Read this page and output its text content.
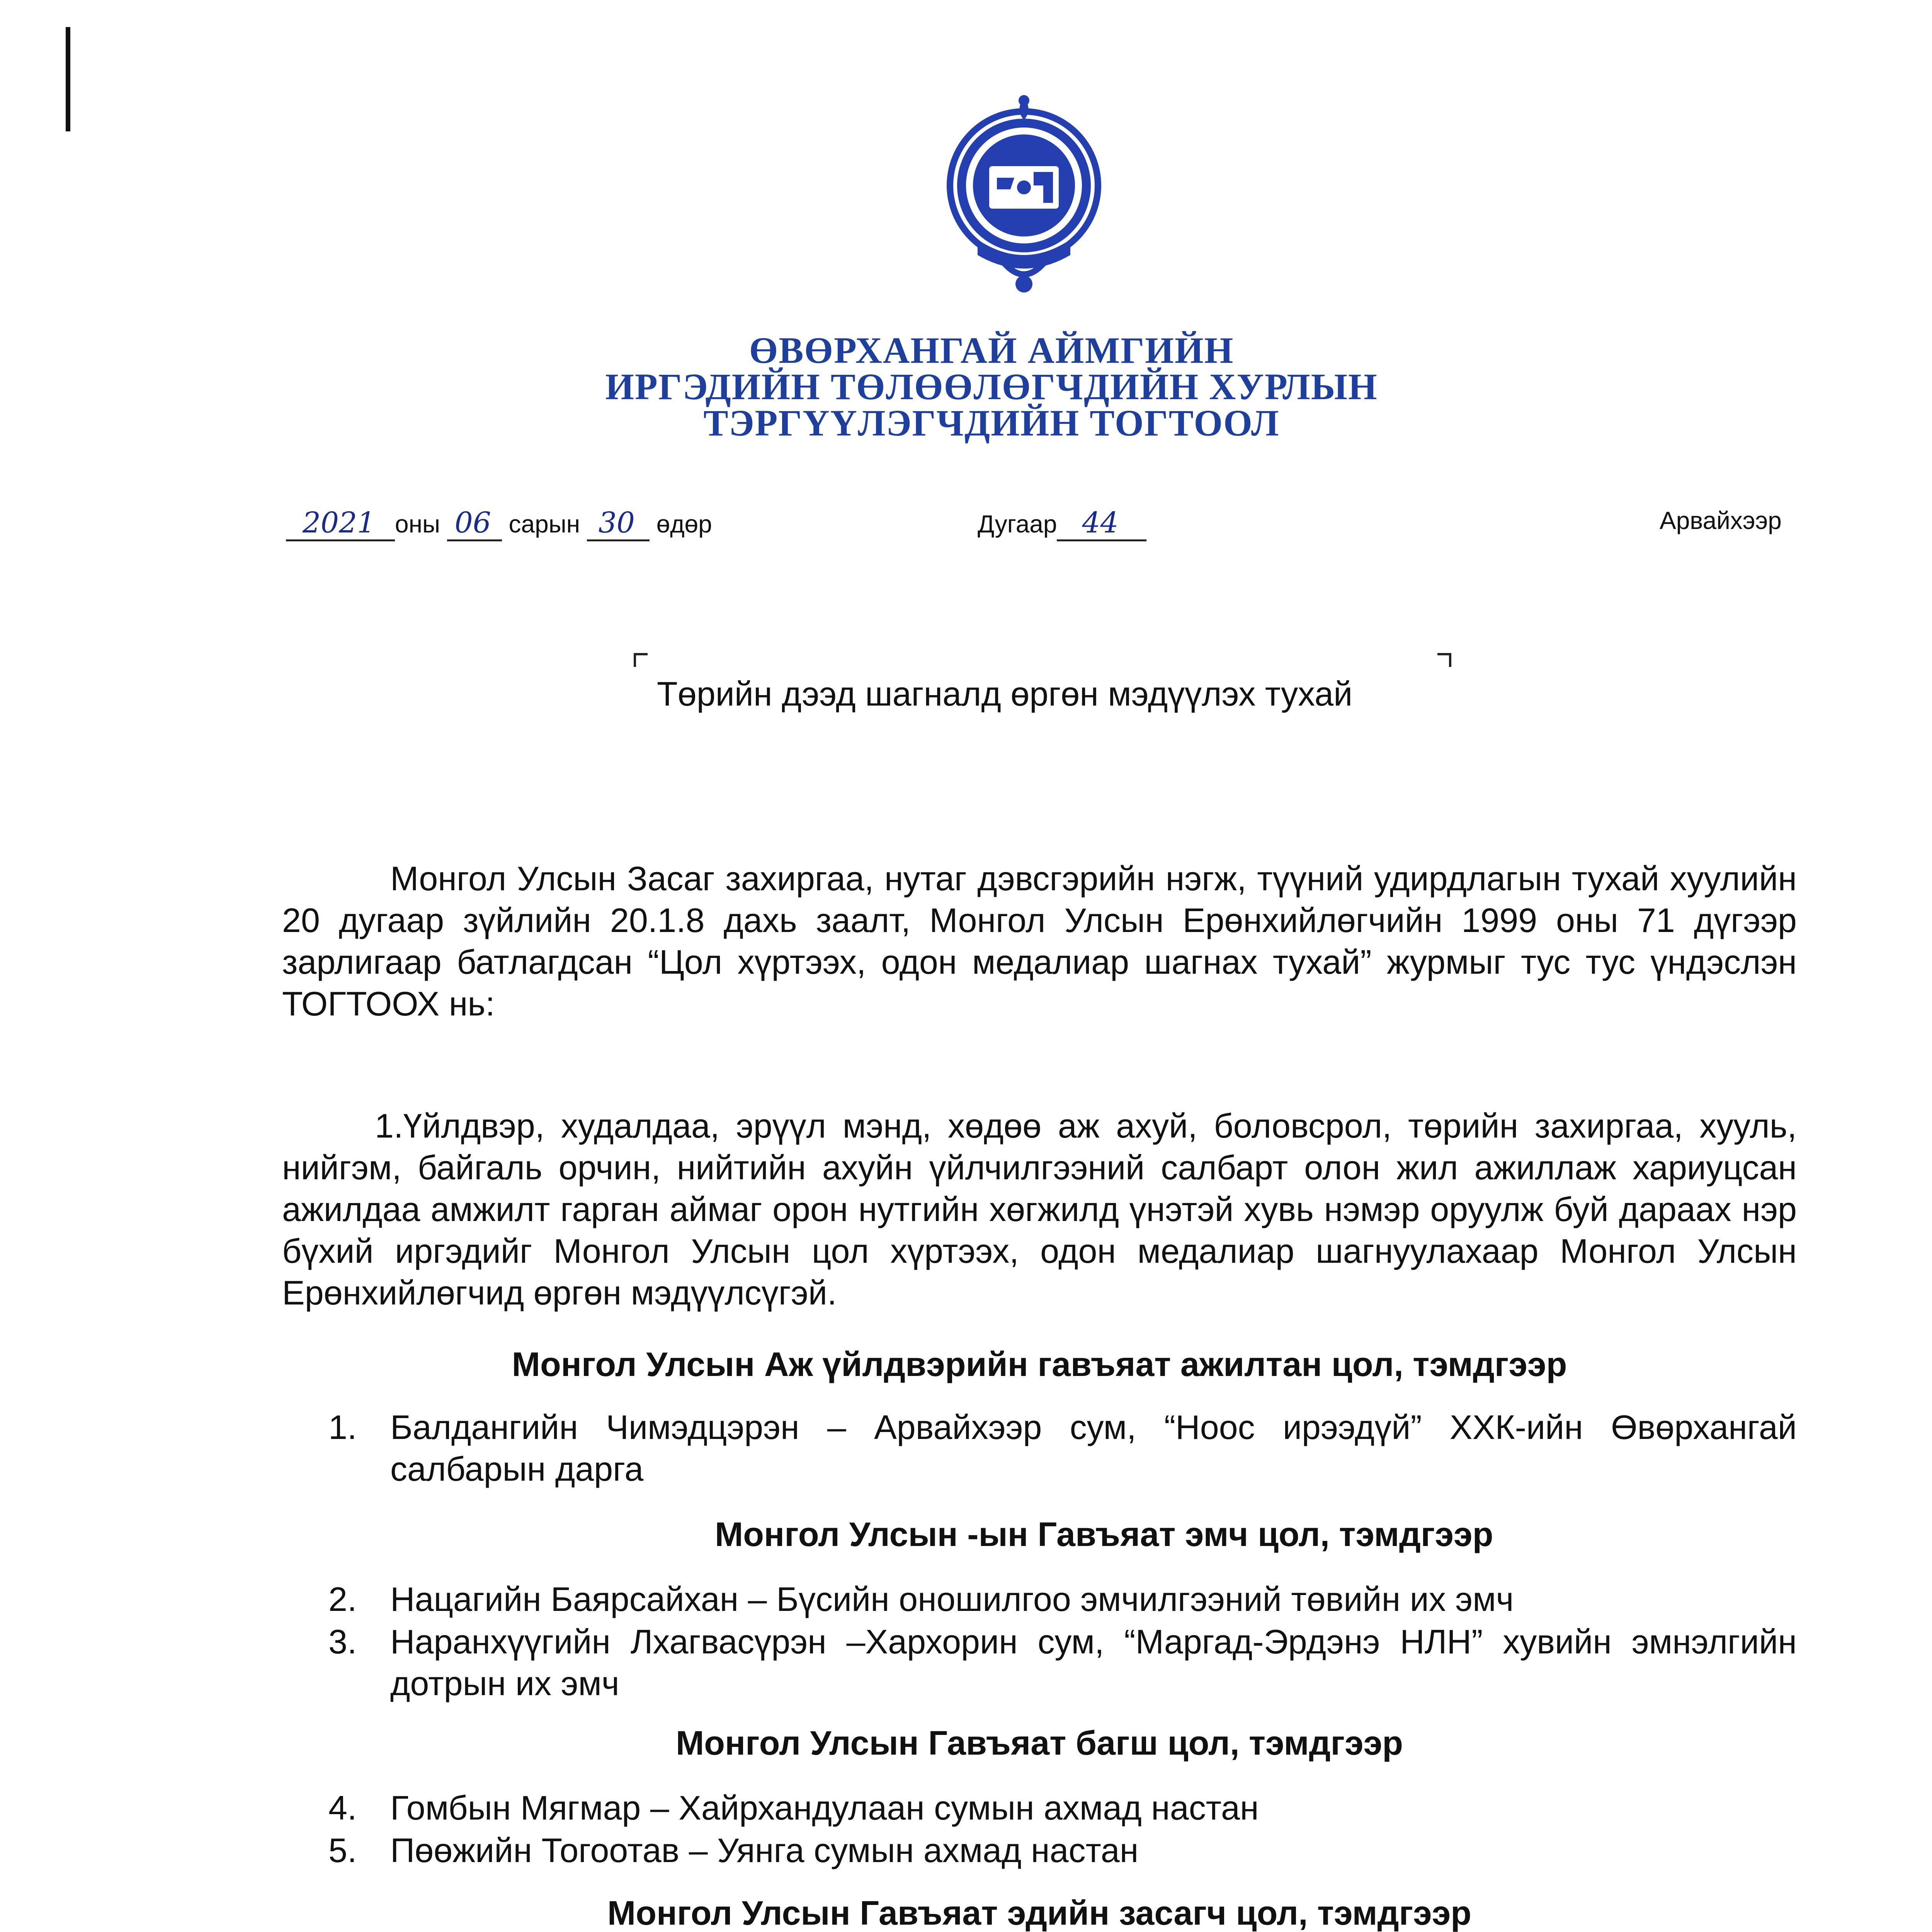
ӨВӨРХАНГАЙ АЙМГИЙН
ИРГЭДИЙН ТӨЛӨӨЛӨГЧДИЙН ХУРЛЫН
ТЭРГҮҮЛЭГЧДИЙН ТОГТООЛ
2021 оны 06 сарын 30 өдөр	Дугаар 44	Арвайхээр
Төрийн дээд шагналд өргөн мэдүүлэх тухай
Монгол Улсын Засаг захиргаа, нутаг дэвсгэрийн нэгж, түүний удирдлагын тухай хуулийн 20 дугаар зүйлийн 20.1.8 дахь заалт, Монгол Улсын Ерөнхийлөгчийн 1999 оны 71 дүгээр зарлигаар батлагдсан “Цол хүртээх, одон медалиар шагнах тухай” журмыг тус тус үндэслэн ТОГТООХ нь:
1.Үйлдвэр, худалдаа, эрүүл мэнд, хөдөө аж ахуй, боловсрол, төрийн захиргаа, хууль, нийгэм, байгаль орчин, нийтийн ахуйн үйлчилгээний салбарт олон жил ажиллаж хариуцсан ажилдаа амжилт гарган аймаг орон нутгийн хөгжилд үнэтэй хувь нэмэр оруулж буй дараах нэр бүхий иргэдийг Монгол Улсын цол хүртээх, одон медалиар шагнуулахаар Монгол Улсын Ерөнхийлөгчид өргөн мэдүүлсүгэй.
Монгол Улсын Аж үйлдвэрийн гавъяат ажилтан цол, тэмдгээр
1. Балдангийн Чимэдцэрэн – Арвайхээр сум, “Ноос ирээдүй” ХХК-ийн Өвөрхангай салбарын дарга
Монгол Улсын -ын Гавъяат эмч цол, тэмдгээр
2. Нацагийн Баярсайхан – Бүсийн оношилгоо эмчилгээний төвийн их эмч
3. Наранхүүгийн Лхагвасүрэн –Хархорин сум, “Маргад-Эрдэнэ НЛН” хувийн эмнэлгийн дотрын их эмч
Монгол Улсын Гавъяат багш цол, тэмдгээр
4. Гомбын Мягмар – Хайрхандулаан сумын ахмад настан
5. Пөөжийн Тогоотав – Уянга сумын ахмад настан
Монгол Улсын Гавъяат эдийн засагч цол, тэмдгээр
